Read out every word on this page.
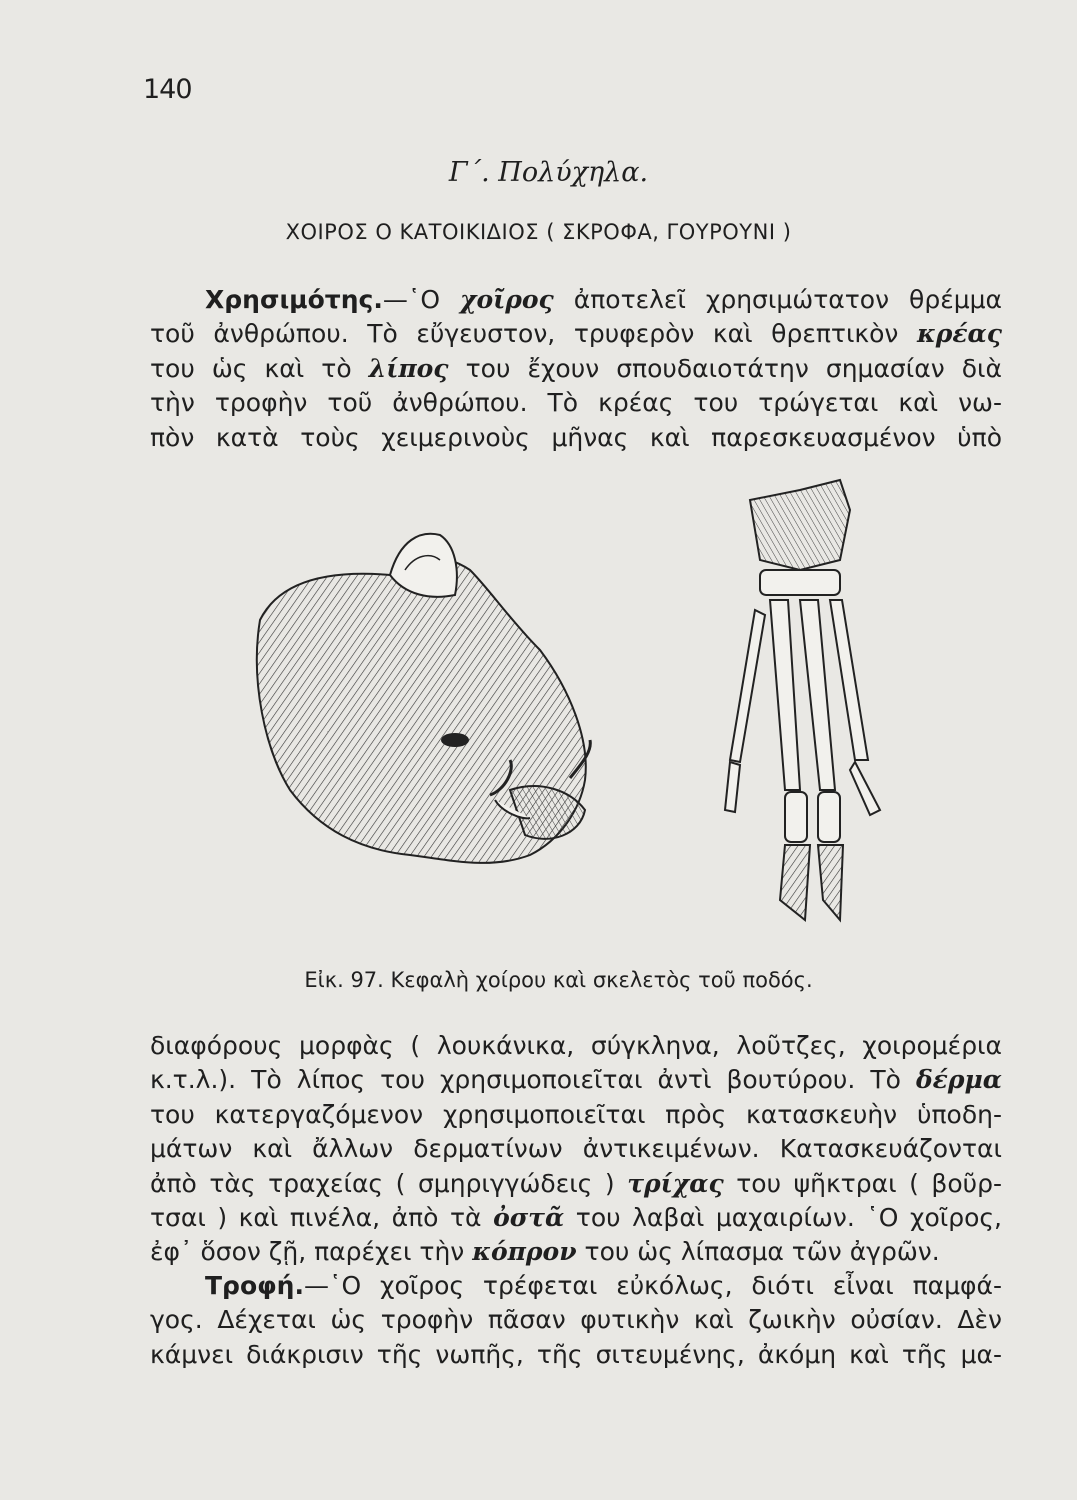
140
Γ΄. Πολύχηλα.
ΧΟΙΡΟΣ Ο ΚΑΤΟΙΚΙΔΙΟΣ ( ΣΚΡΟΦΑ, ΓΟΥΡΟΥΝΙ )
Χρησιμότης.—῾Ο χοῖρος ἀποτελεῖ χρησιμώτατον θρέμμα
τοῦ ἀνθρώπου. Τὸ εὔγευστον, τρυφερὸν καὶ θρεπτικὸν κρέας
του ὡς καὶ τὸ λίπος του ἔχουν σπουδαιοτάτην σημασίαν διὰ
τὴν τροφὴν τοῦ ἀνθρώπου. Τὸ κρέας του τρώγεται καὶ νω-
πὸν κατὰ τοὺς χειμερινοὺς μῆνας καὶ παρεσκευασμένον ὑπὸ
Εἰκ. 97. Κεφαλὴ χοίρου καὶ σκελετὸς τοῦ ποδός.
διαφόρους μορφὰς ( λουκάνικα, σύγκληνα, λοῦτζες, χοιρομέρια
κ.τ.λ.). Τὸ λίπος του χρησιμοποιεῖται ἀντὶ βουτύρου. Τὸ δέρμα
του κατεργαζόμενον χρησιμοποιεῖται πρὸς κατασκευὴν ὑποδη-
μάτων καὶ ἄλλων δερματίνων ἀντικειμένων. Κατασκευάζονται
ἀπὸ τὰς τραχείας ( σμηριγγώδεις ) τρίχας του ψῆκτραι ( βοῦρ-
τσαι ) καὶ πινέλα, ἀπὸ τὰ ὀστᾶ του λαβαὶ μαχαιρίων. ῾Ο χοῖρος,
ἐφ᾿ ὅσον ζῇ, παρέχει τὴν κόπρον του ὡς λίπασμα τῶν ἀγρῶν.
Τροφή.—῾Ο χοῖρος τρέφεται εὐκόλως, διότι εἶναι παμφά-
γος. Δέχεται ὡς τροφὴν πᾶσαν φυτικὴν καὶ ζωικὴν οὐσίαν. Δὲν
κάμνει διάκρισιν τῆς νωπῆς, τῆς σιτευμένης, ἀκόμη καὶ τῆς μα-
